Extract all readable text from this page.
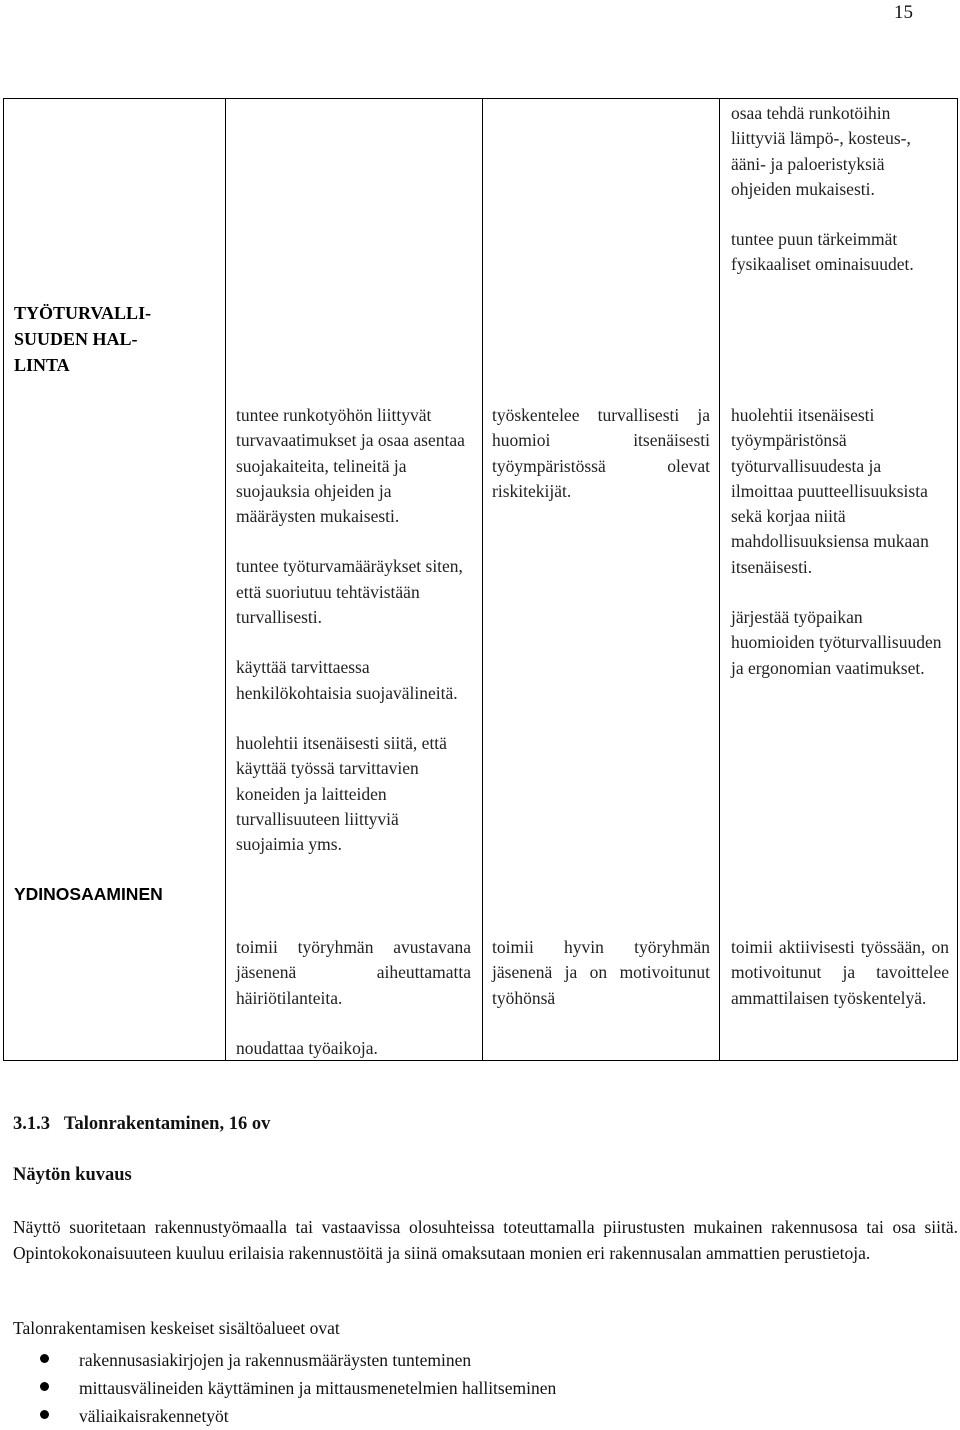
15
TYÖTURVALLI-
SUUDEN HAL-
LINTA
YDINOSAAMINEN

osaa tehdä runkotöihin liittyviä lämpö-, kosteus-, ääni- ja paloeristyksiä ohjeiden mukaisesti.

tuntee puun tärkeimmät fysikaaliset ominaisuudet.

tuntee runkotyöhön liittyvät turvavaatimukset ja osaa asentaa suojakaiteita, telineitä ja suojauksia ohjeiden ja määräysten mukaisesti.

tuntee työturvamääräykset siten, että suoriutuu tehtävistään turvallisesti.

käyttää tarvittaessa henkilökohtaisia suojavälineitä.

huolehtii itsenäisesti siitä, että käyttää työssä tarvittavien koneiden ja laitteiden turvallisuuteen liittyviä suojaimia yms.

työskentelee turvallisesti ja huomioi itsenäisesti työympäristössä olevat riskitekijät.

huolehtii itsenäisesti työympäristönsä työturvallisuudesta ja ilmoittaa puutteellisuuksista sekä korjaa niitä mahdollisuuksiensa mukaan itsenäisesti.

järjestää työpaikan huomioiden työturvallisuuden ja ergonomian vaatimukset.

toimii työryhmän avustavana jäsenenä aiheuttamatta häiriötilanteita.

noudattaa työaikoja.

toimii hyvin työryhmän jäsenenä ja on motivoitunut työhönsä

toimii aktiivisesti työssään, on motivoitunut ja tavoittelee ammattilaisen työskentelyä.

3.1.3   Talonrakentaminen, 16 ov
Näytön kuvaus
Näyttö suoritetaan rakennustyömaalla tai vastaavissa olosuhteissa toteuttamalla piirustusten mukainen rakennusosa tai osa siitä. Opintokokonaisuuteen kuuluu erilaisia rakennustöitä ja siinä omaksutaan monien eri rakennusalan ammattien perustietoja.
Talonrakentamisen keskeiset sisältöalueet ovat
rakennusasiakirjojen ja rakennusmääräysten tunteminen
mittausvälineiden käyttäminen ja mittausmenetelmien hallitseminen
väliaikaisrakennetyöt
